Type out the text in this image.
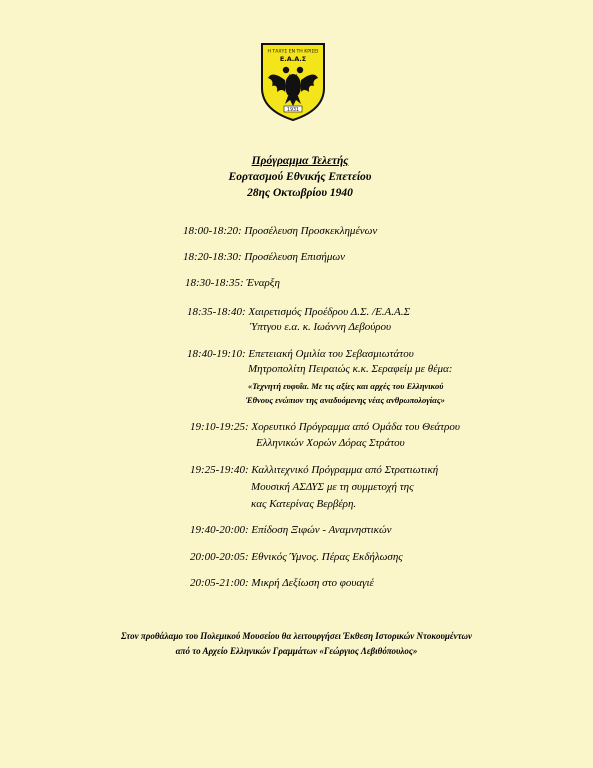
Η ΤΑΧΥΣ ΕΝ ΤΗ ΚΡΙΣΕΙ
Ε.Α.Α.Σ
1931
Πρόγραμμα Τελετής
Εορτασμού Εθνικής Επετείου
28ης Οκτωβρίου 1940
18:00-18:20: Προσέλευση Προσκεκλημένων
18:20-18:30: Προσέλευση Επισήμων
18:30-18:35: Έναρξη
18:35-18:40: Χαιρετισμός Προέδρου Δ.Σ. /Ε.Α.Α.Σ
Ύπτγου ε.α. κ. Ιωάννη Δεβούρου
18:40-19:10: Επετειακή Ομιλία του Σεβασμιωτάτου
Μητροπολίτη Πειραιώς κ.κ. Σεραφείμ με θέμα:
«Τεχνητή ευφυΐα. Με τις αξίες και αρχές του Ελληνικού
Έθνους ενώπιον της αναδυόμενης νέας ανθρωπολογίας»
19:10-19:25: Χορευτικό Πρόγραμμα από Ομάδα του Θεάτρου
Ελληνικών Χορών Δόρας Στράτου
19:25-19:40: Καλλιτεχνικό Πρόγραμμα από Στρατιωτική
Μουσική ΑΣΔΥΣ με τη συμμετοχή της
κας Κατερίνας Βερβέρη.
19:40-20:00: Επίδοση Ξιφών - Αναμνηστικών
20:00-20:05: Εθνικός Ύμνος. Πέρας Εκδήλωσης
20:05-21:00: Μικρή Δεξίωση στο φουαγιέ
Στον προθάλαμο του Πολεμικού Μουσείου θα λειτουργήσει Έκθεση Ιστορικών Ντοκουμέντων
από το Αρχείο Ελληνικών Γραμμάτων «Γεώργιος Λεβιθόπουλος»
